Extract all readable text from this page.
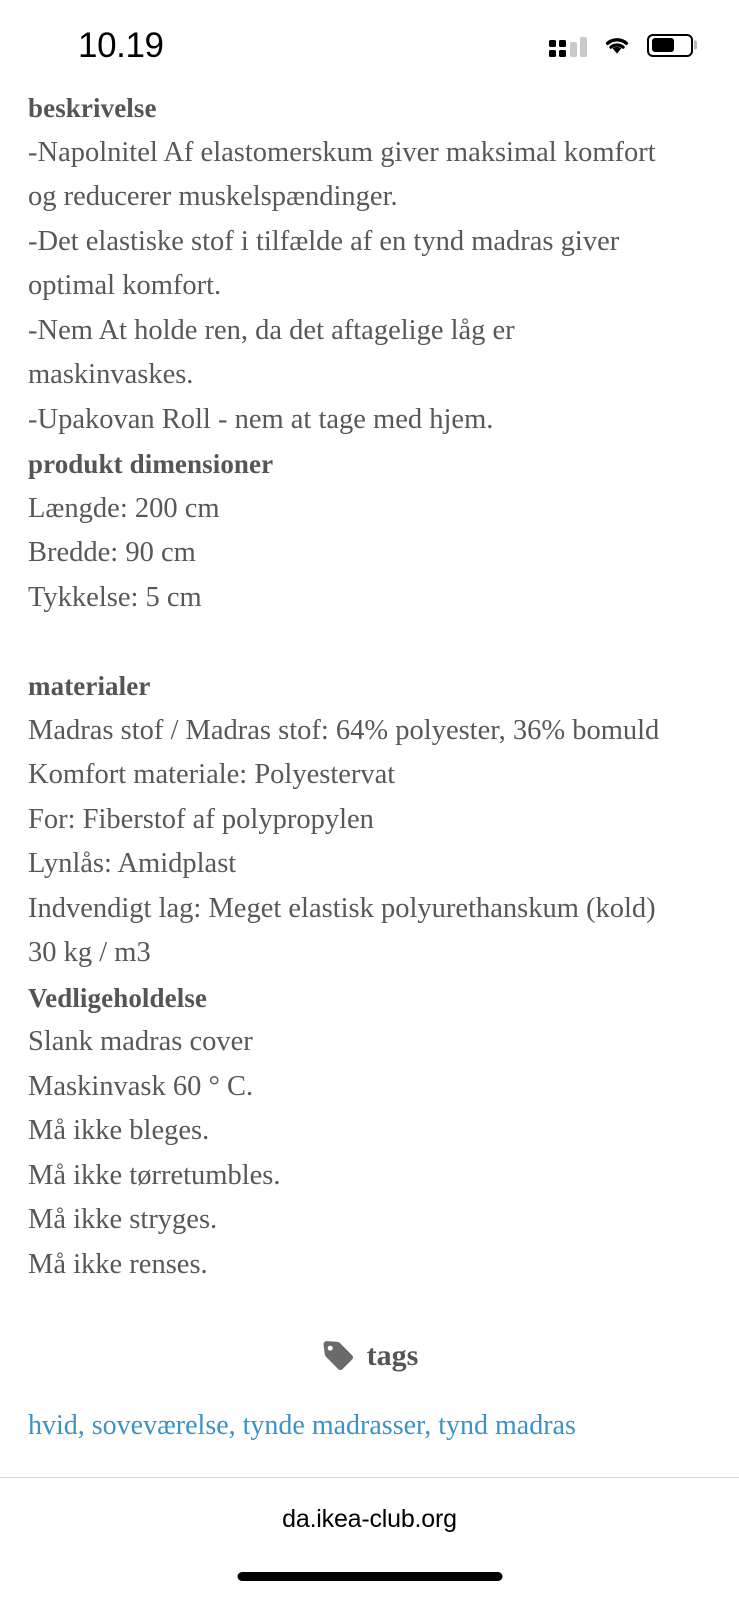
10.19
beskrivelse

-Napolnitel Af elastomerskum giver maksimal komfort

og reducerer muskelspændinger.

-Det elastiske stof i tilfælde af en tynd madras giver

optimal komfort.

-Nem At holde ren, da det aftagelige låg er

maskinvaskes.

-Upakovan Roll - nem at tage med hjem.

produkt dimensioner

Længde: 200 cm

Bredde: 90 cm

Tykkelse: 5 cm

materialer

Madras stof / Madras stof: 64% polyester, 36% bomuld

Komfort materiale: Polyestervat

For: Fiberstof af polypropylen

Lynlås: Amidplast

Indvendigt lag: Meget elastisk polyurethanskum (kold)

30 kg / m3

Vedligeholdelse

Slank madras cover

Maskinvask 60 ° C.

Må ikke bleges.

Må ikke tørretumbles.

Må ikke stryges.

Må ikke renses.

tags
hvid, soveværelse, tynde madrasser, tynd madras
da.ikea-club.org
